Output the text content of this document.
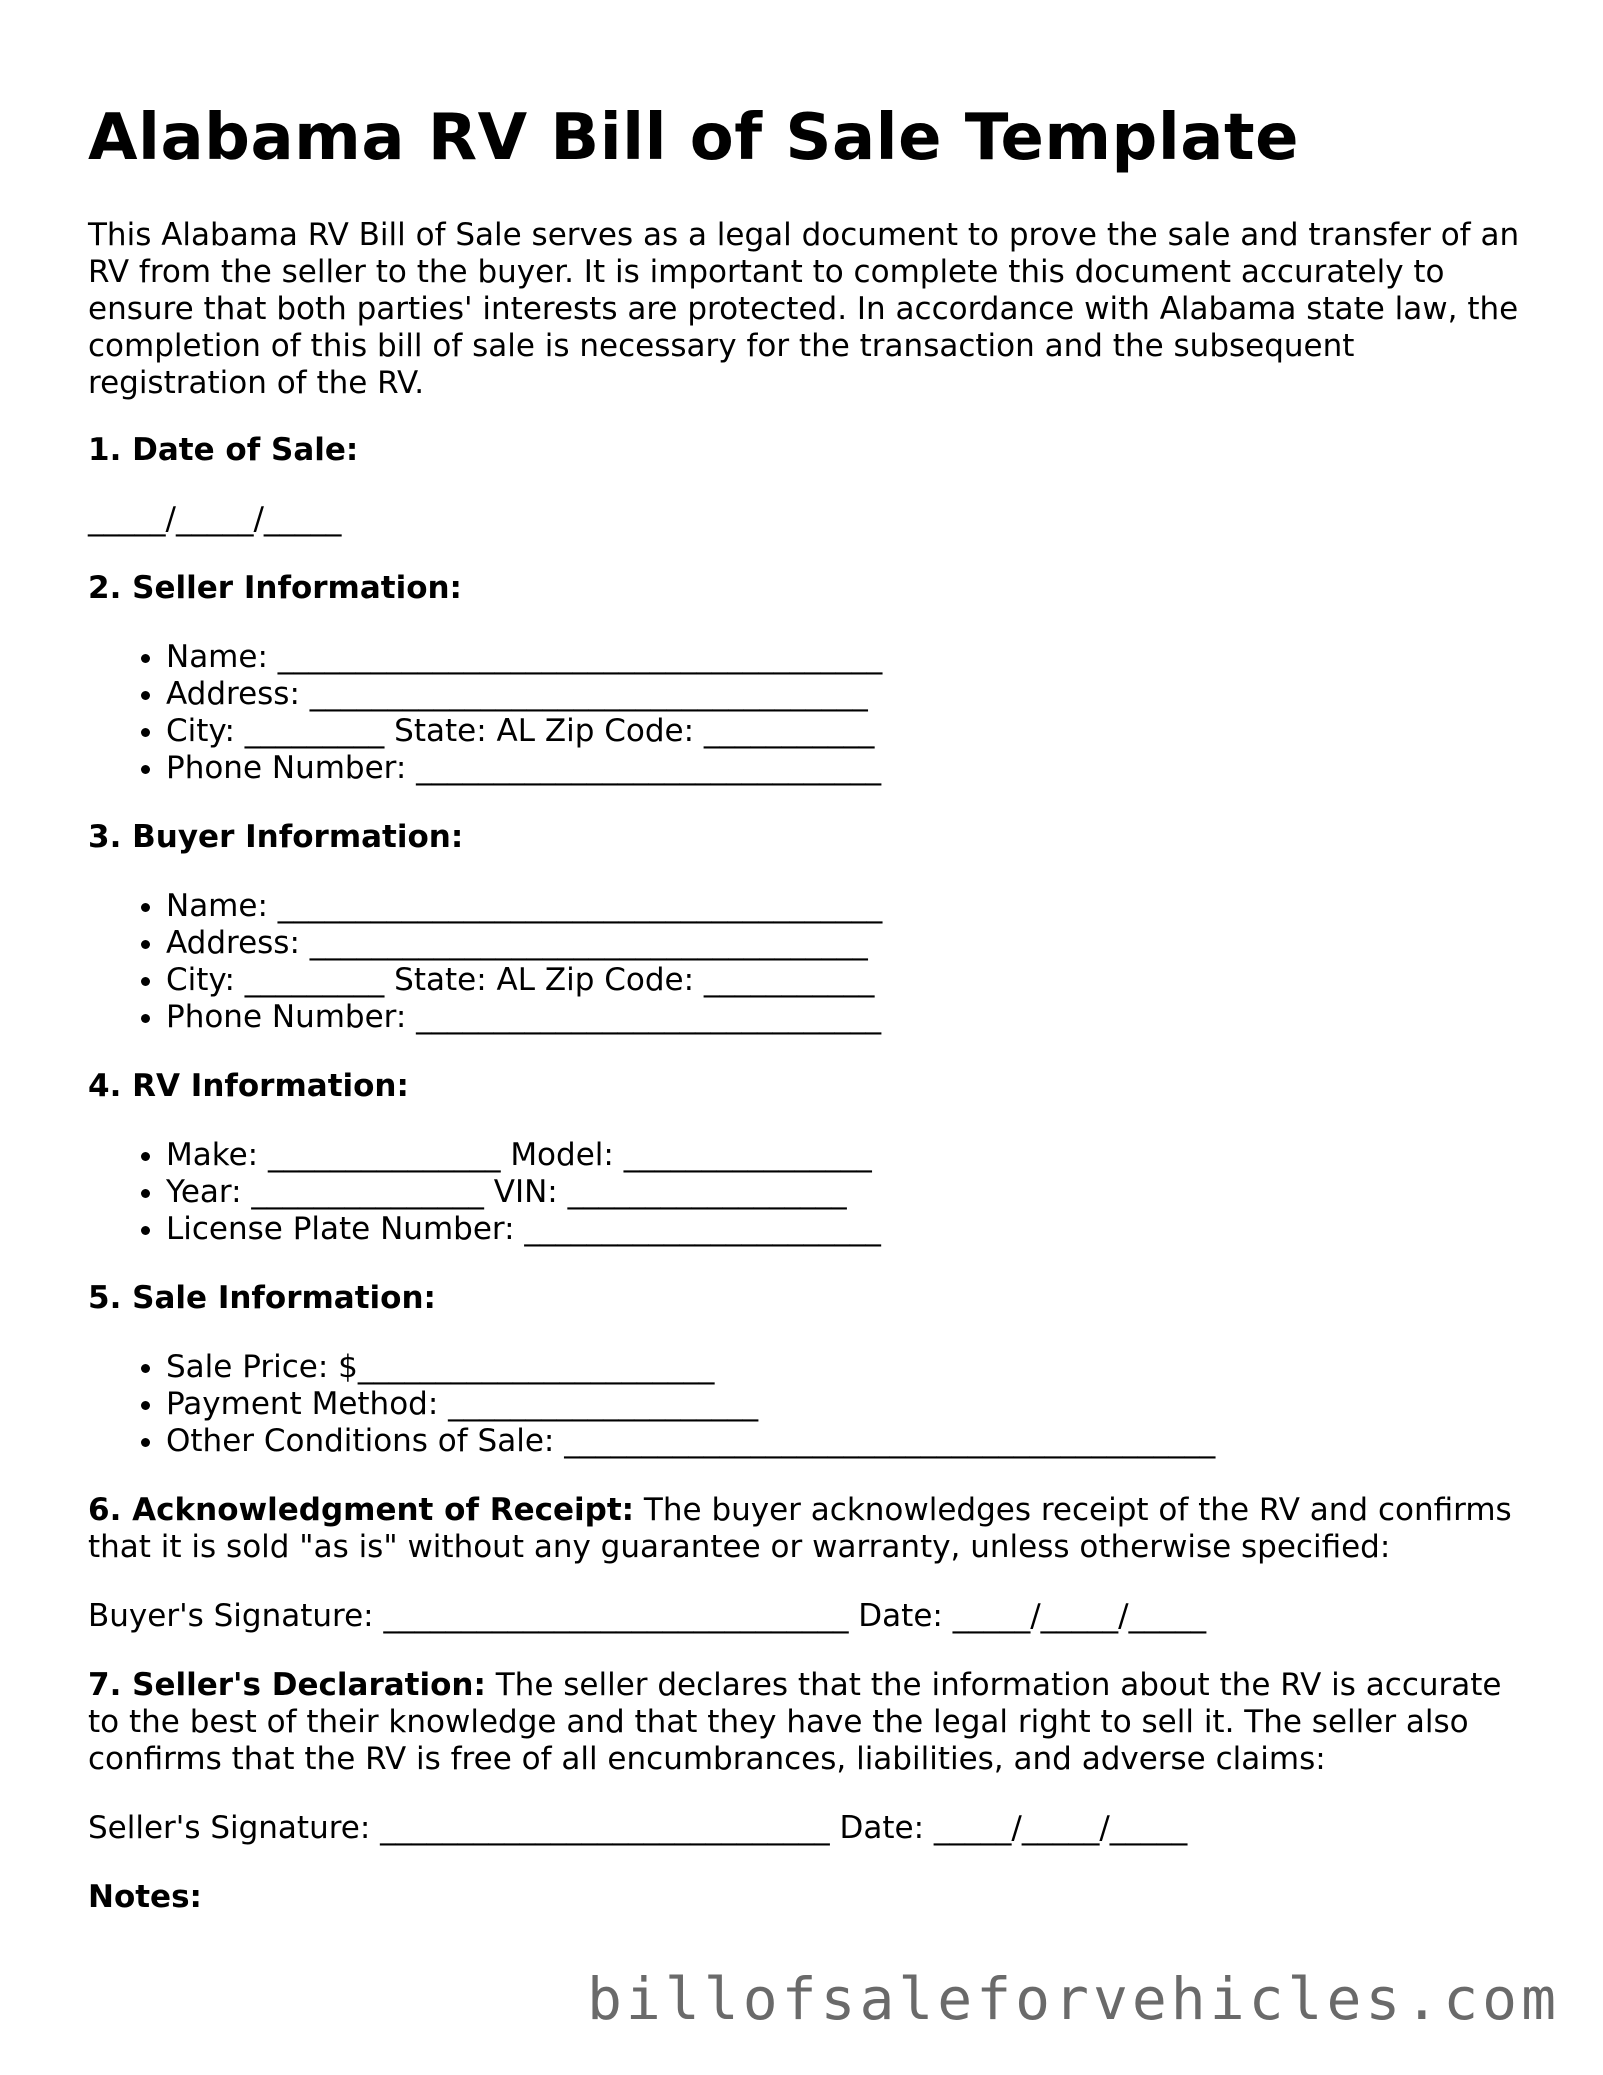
Alabama RV Bill of Sale Template

This Alabama RV Bill of Sale serves as a legal document to prove the sale and transfer of an RV from the seller to the buyer. It is important to complete this document accurately to ensure that both parties' interests are protected. In accordance with Alabama state law, the completion of this bill of sale is necessary for the transaction and the subsequent registration of the RV.

1. Date of Sale:

_____/_____/_____

2. Seller Information:

• Name: _______________________________________
• Address: ____________________________________
• City: _________ State: AL Zip Code: ___________
• Phone Number: ______________________________

3. Buyer Information:

• Name: _______________________________________
• Address: ____________________________________
• City: _________ State: AL Zip Code: ___________
• Phone Number: ______________________________

4. RV Information:

• Make: _______________ Model: ________________
• Year: _______________ VIN: __________________
• License Plate Number: _______________________

5. Sale Information:

• Sale Price: $_______________________
• Payment Method: ____________________
• Other Conditions of Sale: __________________________________________

6. Acknowledgment of Receipt: The buyer acknowledges receipt of the RV and confirms that it is sold "as is" without any guarantee or warranty, unless otherwise specified:

Buyer's Signature: ______________________________ Date: _____/_____/_____

7. Seller's Declaration: The seller declares that the information about the RV is accurate to the best of their knowledge and that they have the legal right to sell it. The seller also confirms that the RV is free of all encumbrances, liabilities, and adverse claims:

Seller's Signature: _____________________________ Date: _____/_____/_____

Notes:

billofsaleforvehicles.com
